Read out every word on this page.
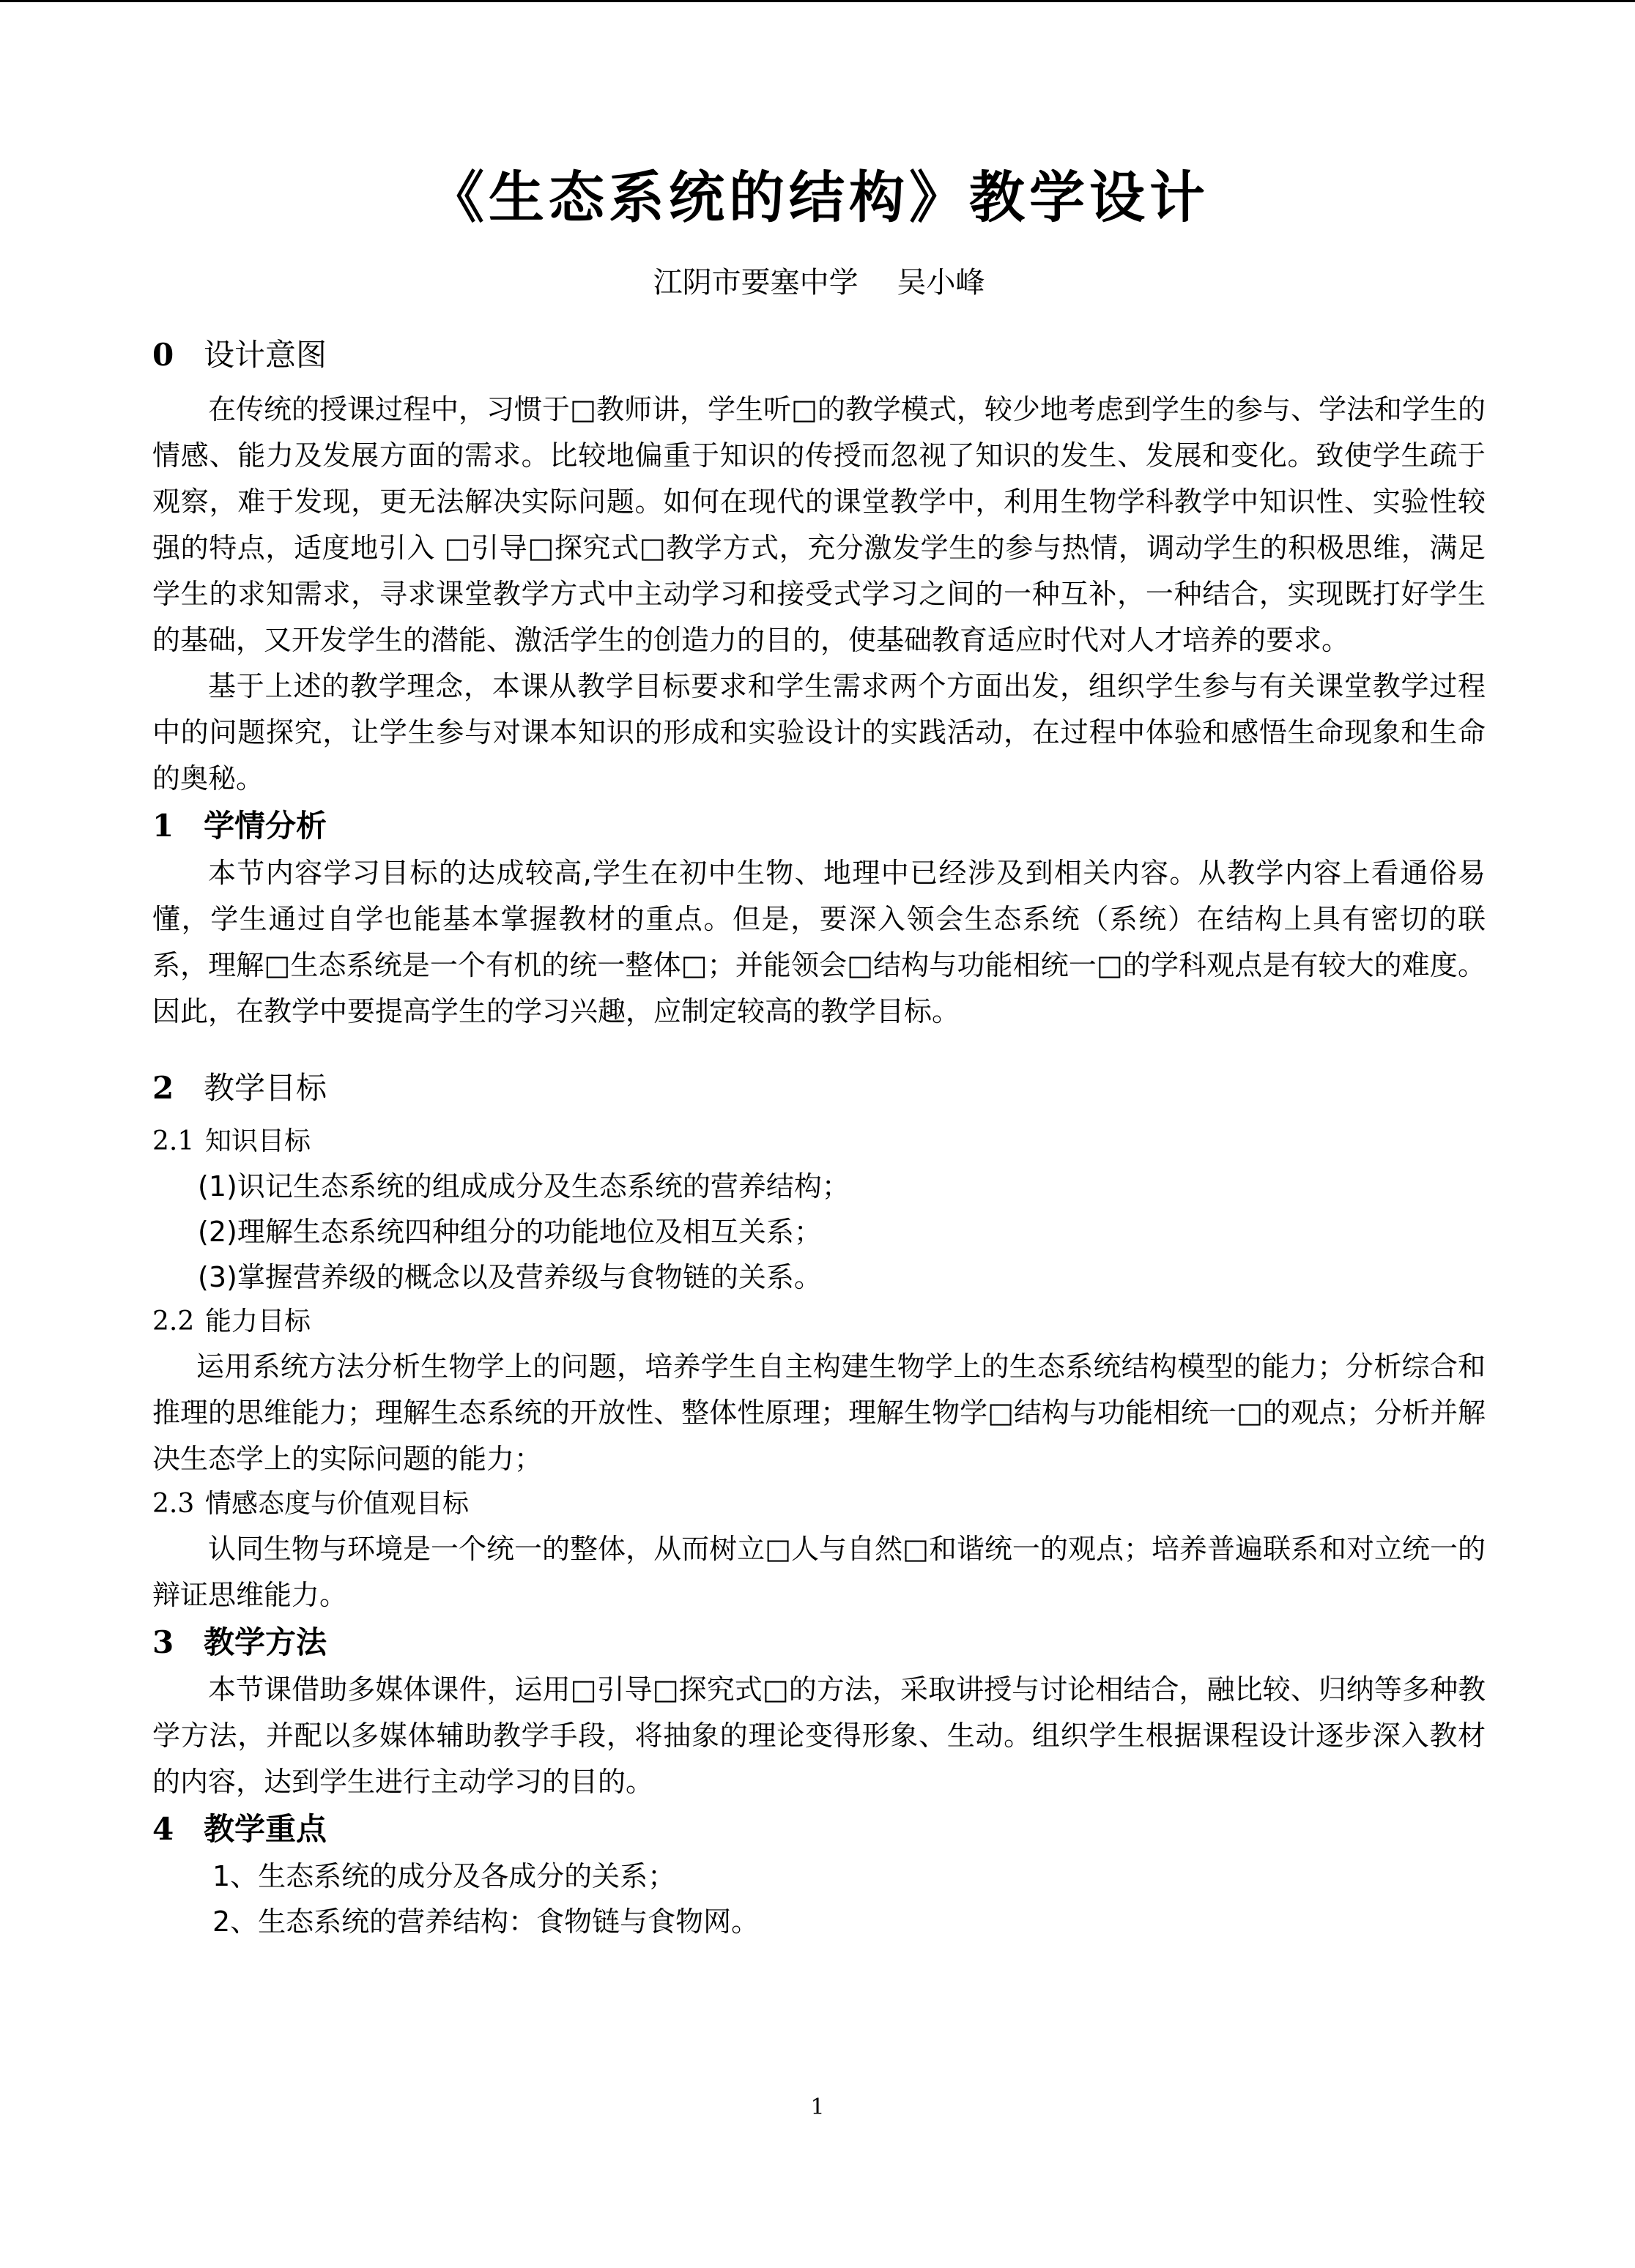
《生态系统的结构》教学设计
江阴市要塞中学　 吴小峰
0 设计意图

在传统的授课过程中，习惯于□教师讲，学生听□的教学模式，较少地考虑到学生的参与、学法和学生的情感、能力及发展方面的需求。比较地偏重于知识的传授而忽视了知识的发生、发展和变化。致使学生疏于观察，难于发现，更无法解决实际问题。如何在现代的课堂教学中，利用生物学科教学中知识性、实验性较强的特点，适度地引入 □引导□探究式□教学方式，充分激发学生的参与热情，调动学生的积极思维，满足学生的求知需求，寻求课堂教学方式中主动学习和接受式学习之间的一种互补，一种结合，实现既打好学生的基础，又开发学生的潜能、激活学生的创造力的目的，使基础教育适应时代对人才培养的要求。

基于上述的教学理念，本课从教学目标要求和学生需求两个方面出发，组织学生参与有关课堂教学过程中的问题探究，让学生参与对课本知识的形成和实验设计的实践活动，在过程中体验和感悟生命现象和生命的奥秘。

1 学情分析

本节内容学习目标的达成较高,学生在初中生物、地理中已经涉及到相关内容。从教学内容上看通俗易懂，学生通过自学也能基本掌握教材的重点。但是，要深入领会生态系统（系统）在结构上具有密切的联系，理解□生态系统是一个有机的统一整体□；并能领会□结构与功能相统一□的学科观点是有较大的难度。因此，在教学中要提高学生的学习兴趣，应制定较高的教学目标。

2 教学目标
2.1 知识目标

(1)识记生态系统的组成成分及生态系统的营养结构；

(2)理解生态系统四种组分的功能地位及相互关系；

(3)掌握营养级的概念以及营养级与食物链的关系。

2.2 能力目标

运用系统方法分析生物学上的问题，培养学生自主构建生物学上的生态系统结构模型的能力；分析综合和推理的思维能力；理解生态系统的开放性、整体性原理；理解生物学□结构与功能相统一□的观点；分析并解决生态学上的实际问题的能力；

2.3 情感态度与价值观目标

认同生物与环境是一个统一的整体，从而树立□人与自然□和谐统一的观点；培养普遍联系和对立统一的辩证思维能力。

3 教学方法

本节课借助多媒体课件，运用□引导□探究式□的方法，采取讲授与讨论相结合，融比较、归纳等多种教学方法，并配以多媒体辅助教学手段，将抽象的理论变得形象、生动。组织学生根据课程设计逐步深入教材的内容，达到学生进行主动学习的目的。

4 教学重点

1、生态系统的成分及各成分的关系；

2、生态系统的营养结构：食物链与食物网。

1
